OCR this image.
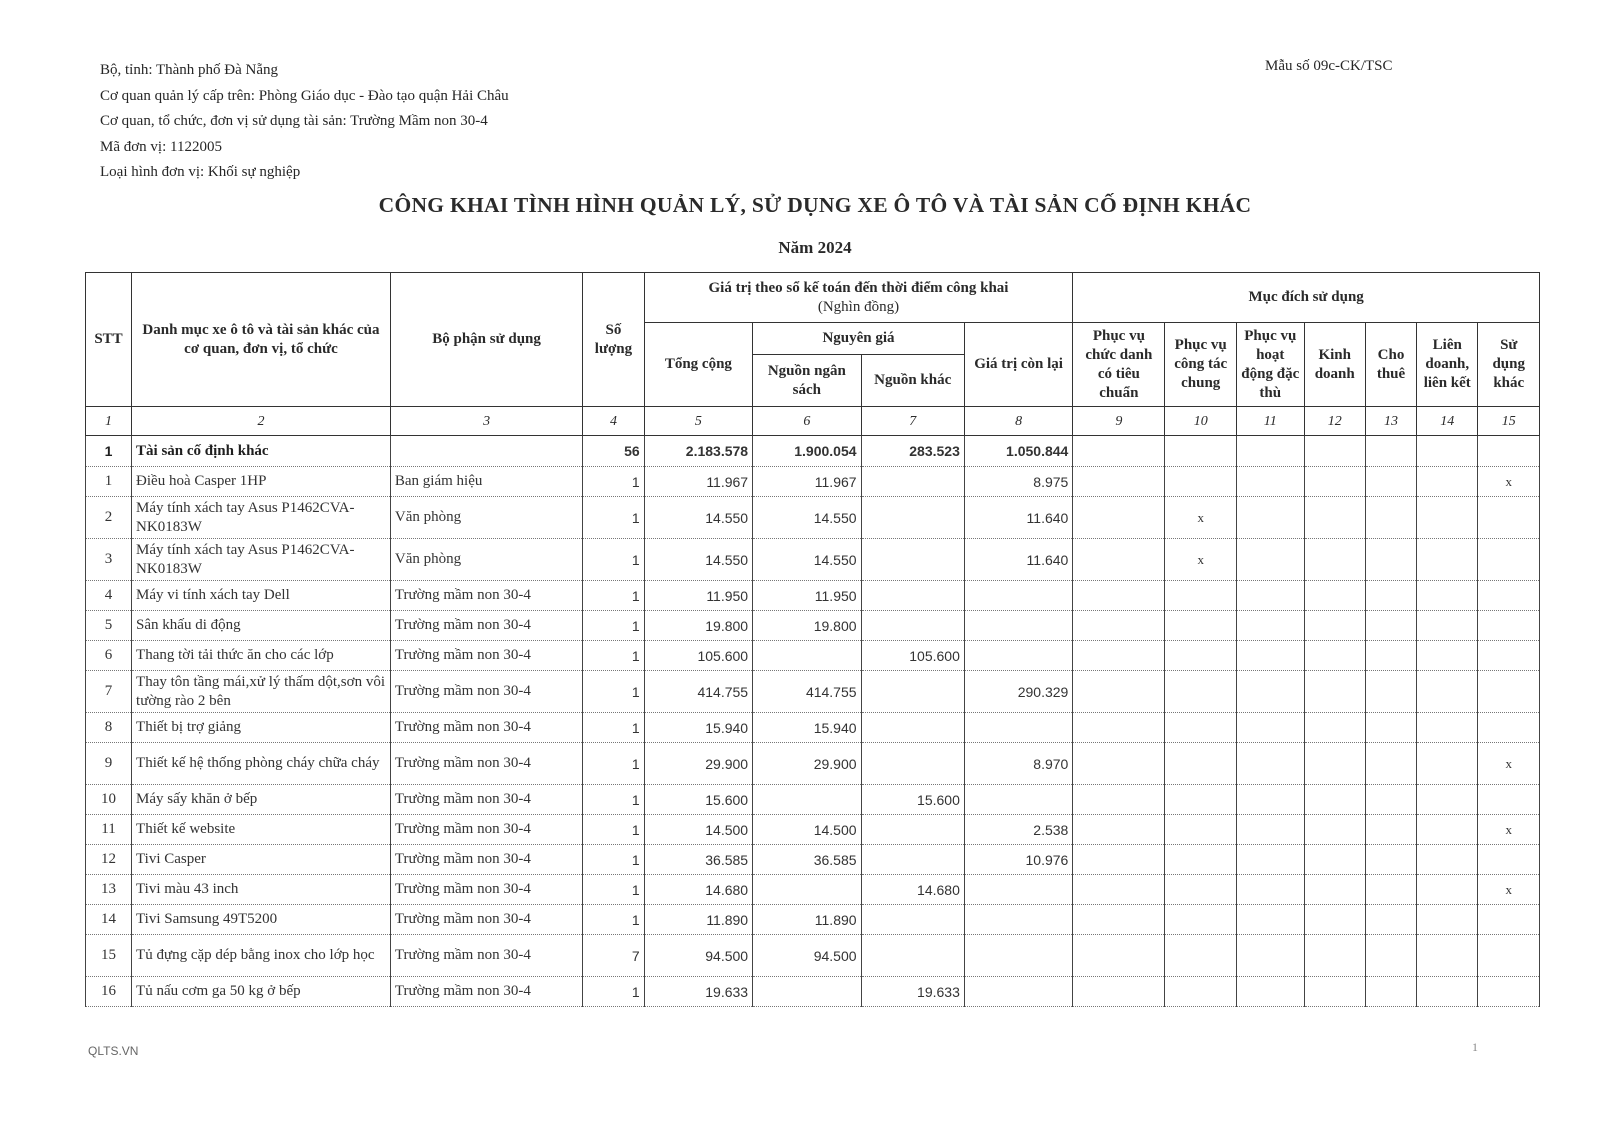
Bộ, tỉnh: Thành phố Đà Nẵng
Cơ quan quản lý cấp trên: Phòng Giáo dục - Đào tạo quận Hải Châu
Cơ quan, tổ chức, đơn vị sử dụng tài sản: Trường Mầm non 30-4
Mã đơn vị: 1122005
Loại hình đơn vị: Khối sự nghiệp
Mẫu số 09c-CK/TSC
CÔNG KHAI TÌNH HÌNH QUẢN LÝ, SỬ DỤNG XE Ô TÔ VÀ TÀI SẢN CỐ ĐỊNH KHÁC
Năm 2024
STT	Danh mục xe ô tô và tài sản khác của cơ quan, đơn vị, tổ chức	Bộ phận sử dụng	Số lượng	Giá trị theo sổ kế toán đến thời điểm công khai
(Nghìn đồng)				Mục đích sử dụng						
				Tổng cộng	Nguyên giá		Giá trị còn lại	Phục vụ chức danh có tiêu chuẩn	Phục vụ công tác chung	Phục vụ hoạt động đặc thù	Kinh doanh	Cho thuê	Liên doanh, liên kết	Sử dụng khác
					Nguồn ngân sách	Nguồn khác								
1	2	3	4	5	6	7	8	9	10	11	12	13	14	15
1	Tài sản cố định khác		56	2.183.578	1.900.054	283.523	1.050.844							
1	Điều hoà Casper 1HP	Ban giám hiệu	1	11.967	11.967		8.975							x
2	Máy tính xách tay Asus P1462CVA-NK0183W	Văn phòng	1	14.550	14.550		11.640		x					
3	Máy tính xách tay Asus P1462CVA-NK0183W	Văn phòng	1	14.550	14.550		11.640		x					
4	Máy vi tính xách tay Dell	Trường mầm non 30-4	1	11.950	11.950									
5	Sân khấu di động	Trường mầm non 30-4	1	19.800	19.800									
6	Thang tời tải thức ăn cho các lớp	Trường mầm non 30-4	1	105.600		105.600								
7	Thay tôn tầng mái,xử lý thấm dột,sơn vôi tường rào 2 bên	Trường mầm non 30-4	1	414.755	414.755		290.329							
8	Thiết bị trợ giảng	Trường mầm non 30-4	1	15.940	15.940									
9	Thiết kế hệ thống phòng cháy chữa cháy	Trường mầm non 30-4	1	29.900	29.900		8.970							x
10	Máy sấy khăn ở bếp	Trường mầm non 30-4	1	15.600		15.600								
11	Thiết kế website	Trường mầm non 30-4	1	14.500	14.500		2.538							x
12	Tivi Casper	Trường mầm non 30-4	1	36.585	36.585		10.976							
13	Tivi màu 43 inch	Trường mầm non 30-4	1	14.680		14.680								x
14	Tivi Samsung 49T5200	Trường mầm non 30-4	1	11.890	11.890									
15	Tủ đựng cặp dép bằng inox cho lớp học	Trường mầm non 30-4	7	94.500	94.500									
16	Tủ nấu cơm ga 50 kg ở bếp	Trường mầm non 30-4	1	19.633		19.633								
QLTS.VN	1
